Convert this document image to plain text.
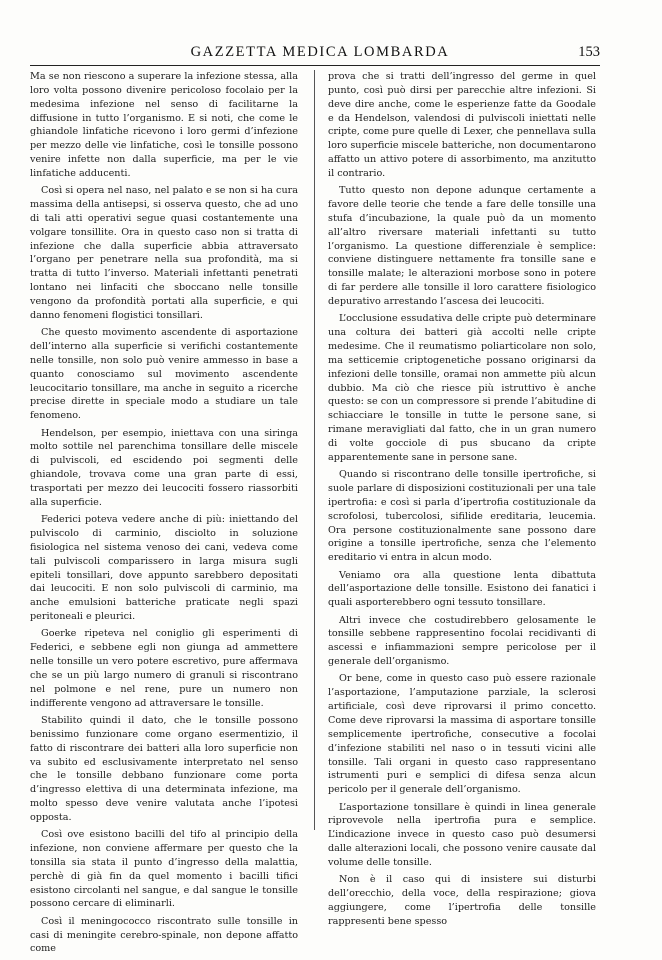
GAZZETTA MEDICA LOMBARDA	153

Ma se non riescono a superare la infezione stessa, alla loro volta possono divenire pericoloso focolaio per la medesima infezione nel senso di facilitarne la diffusione in tutto l’organismo. E si noti, che come le ghiandole linfatiche ricevono i loro germi d’infezione per mezzo delle vie linfatiche, così le tonsille possono venire infette non dalla superficie, ma per le vie linfatiche adducenti.

Così si opera nel naso, nel palato e se non si ha cura massima della antisepsi, si osserva questo, che ad uno di tali atti operativi segue quasi costantemente una volgare tonsillite. Ora in questo caso non si tratta di infezione che dalla superficie abbia attraversato l’organo per penetrare nella sua profondità, ma si tratta di tutto l’inverso. Materiali infettanti penetrati lontano nei linfaciti che sboccano nelle tonsille vengono da profondità portati alla superficie, e qui danno fenomeni flogistici tonsillari.

Che questo movimento ascendente di asportazione dell’interno alla superficie si verifichi costantemente nelle tonsille, non solo può venire ammesso in base a quanto conosciamo sul movimento ascendente leucocitario tonsillare, ma anche in seguito a ricerche precise dirette in speciale modo a studiare un tale fenomeno.

Hendelson, per esempio, iniettava con una siringa molto sottile nel parenchima tonsillare delle miscele di pulviscoli, ed escidendo poi segmenti delle ghiandole, trovava come una gran parte di essi, trasportati per mezzo dei leucociti fossero riassorbiti alla superficie.

Federici poteva vedere anche di più: iniettando del pulviscolo di carminio, disciolto in soluzione fisiologica nel sistema venoso dei cani, vedeva come tali pulviscoli comparissero in larga misura sugli epiteli tonsillari, dove appunto sarebbero depositati dai leucociti. E non solo pulviscoli di carminio, ma anche emulsioni batteriche praticate negli spazi peritoneali e pleurici.

Goerke ripeteva nel coniglio gli esperimenti di Federici, e sebbene egli non giunga ad ammettere nelle tonsille un vero potere escretivo, pure affermava che se un più largo numero di granuli si riscontrano nel polmone e nel rene, pure un numero non indifferente vengono ad attraversare le tonsille.

Stabilito quindi il dato, che le tonsille possono benissimo funzionare come organo esermentizio, il fatto di riscontrare dei batteri alla loro superficie non va subito ed esclusivamente interpretato nel senso che le tonsille debbano funzionare come porta d’ingresso elettiva di una determinata infezione, ma molto spesso deve venire valutata anche l’ipotesi opposta.

Così ove esistono bacilli del tifo al principio della infezione, non conviene affermare per questo che la tonsilla sia stata il punto d’ingresso della malattia, perchè di già fin da quel momento i bacilli tifici esistono circolanti nel sangue, e dal sangue le tonsille possono cercare di eliminarli.

Così il meningococco riscontrato sulle tonsille in casi di meningite cerebro-spinale, non depone affatto come

prova che si tratti dell’ingresso del germe in quel punto, così può dirsi per parecchie altre infezioni. Si deve dire anche, come le esperienze fatte da Goodale e da Hendelson, valendosi di pulviscoli iniettati nelle cripte, come pure quelle di Lexer, che pennellava sulla loro superficie miscele batteriche, non documentarono affatto un attivo potere di assorbimento, ma anzitutto il contrario.

Tutto questo non depone adunque certamente a favore delle teorie che tende a fare delle tonsille una stufa d’incubazione, la quale può da un momento all’altro riversare materiali infettanti su tutto l’organismo. La questione differenziale è semplice: conviene distinguere nettamente fra tonsille sane e tonsille malate; le alterazioni morbose sono in potere di far perdere alle tonsille il loro carattere fisiologico depurativo arrestando l’ascesa dei leucociti.

L’occlusione essudativa delle cripte può determinare una coltura dei batteri già accolti nelle cripte medesime. Che il reumatismo poliarticolare non solo, ma setticemie criptogenetiche possano originarsi da infezioni delle tonsille, oramai non ammette più alcun dubbio. Ma ciò che riesce più istruttivo è anche questo: se con un compressore si prende l’abitudine di schiacciare le tonsille in tutte le persone sane, si rimane meravigliati dal fatto, che in un gran numero di volte gocciole di pus sbucano da cripte apparentemente sane in persone sane.

Quando si riscontrano delle tonsille ipertrofiche, si suole parlare di disposizioni costituzionali per una tale ipertrofia: e così si parla d’ipertrofia costituzionale da scrofolosi, tubercolosi, sifilide ereditaria, leucemia. Ora persone costituzionalmente sane possono dare origine a tonsille ipertrofiche, senza che l’elemento ereditario vi entra in alcun modo.

Veniamo ora alla questione lenta dibattuta dell’asportazione delle tonsille. Esistono dei fanatici i quali asporterebbero ogni tessuto tonsillare.

Altri invece che costudirebbero gelosamente le tonsille sebbene rappresentino focolai recidivanti di ascessi e infiammazioni sempre pericolose per il generale dell’organismo.

Or bene, come in questo caso può essere razionale l’asportazione, l’amputazione parziale, la sclerosi artificiale, così deve riprovarsi il primo concetto. Come deve riprovarsi la massima di asportare tonsille semplicemente ipertrofiche, consecutive a focolai d’infezione stabiliti nel naso o in tessuti vicini alle tonsille. Tali organi in questo caso rappresentano istrumenti puri e semplici di difesa senza alcun pericolo per il generale dell’organismo.

L’asportazione tonsillare è quindi in linea generale riprovevole nella ipertrofia pura e semplice. L’indicazione invece in questo caso può desumersi dalle alterazioni locali, che possono venire causate dal volume delle tonsille.

Non è il caso qui di insistere sui disturbi dell’orecchio, della voce, della respirazione; giova aggiungere, come l’ipertrofia delle tonsille rappresenti bene spesso
